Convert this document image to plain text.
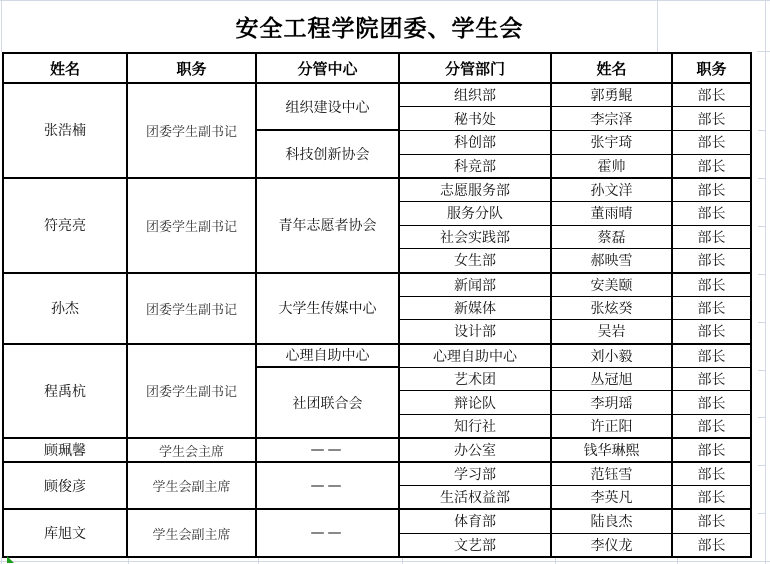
安全工程学院团委、学生会
姓名	职务	分管中心	分管部门	姓名	职务
张浩楠	团委学生副书记	组织建设中心	组织部	郭勇鲲	部长
			秘书处	李宗泽	部长
		科技创新协会	科创部	张宇琦	部长
			科竞部	霍帅	部长
符亮亮	团委学生副书记	青年志愿者协会	志愿服务部	孙文洋	部长
			服务分队	董雨晴	部长
			社会实践部	蔡磊	部长
			女生部	郝映雪	部长
孙杰	团委学生副书记	大学生传媒中心	新闻部	安美颐	部长
			新媒体	张炫癸	部长
			设计部	吴岩	部长
程禹杭	团委学生副书记	心理自助中心	心理自助中心	刘小毅	部长
		社团联合会	艺术团	丛冠旭	部长
			辩论队	李玥瑶	部长
			知行社	许正阳	部长
顾珮馨	学生会主席	——	办公室	钱华琳熙	部长
顾俊彦	学生会副主席	——	学习部	范钰雪	部长
			生活权益部	李英凡	部长
库旭文	学生会副主席	——	体育部	陆良杰	部长
			文艺部	李仪龙	部长
